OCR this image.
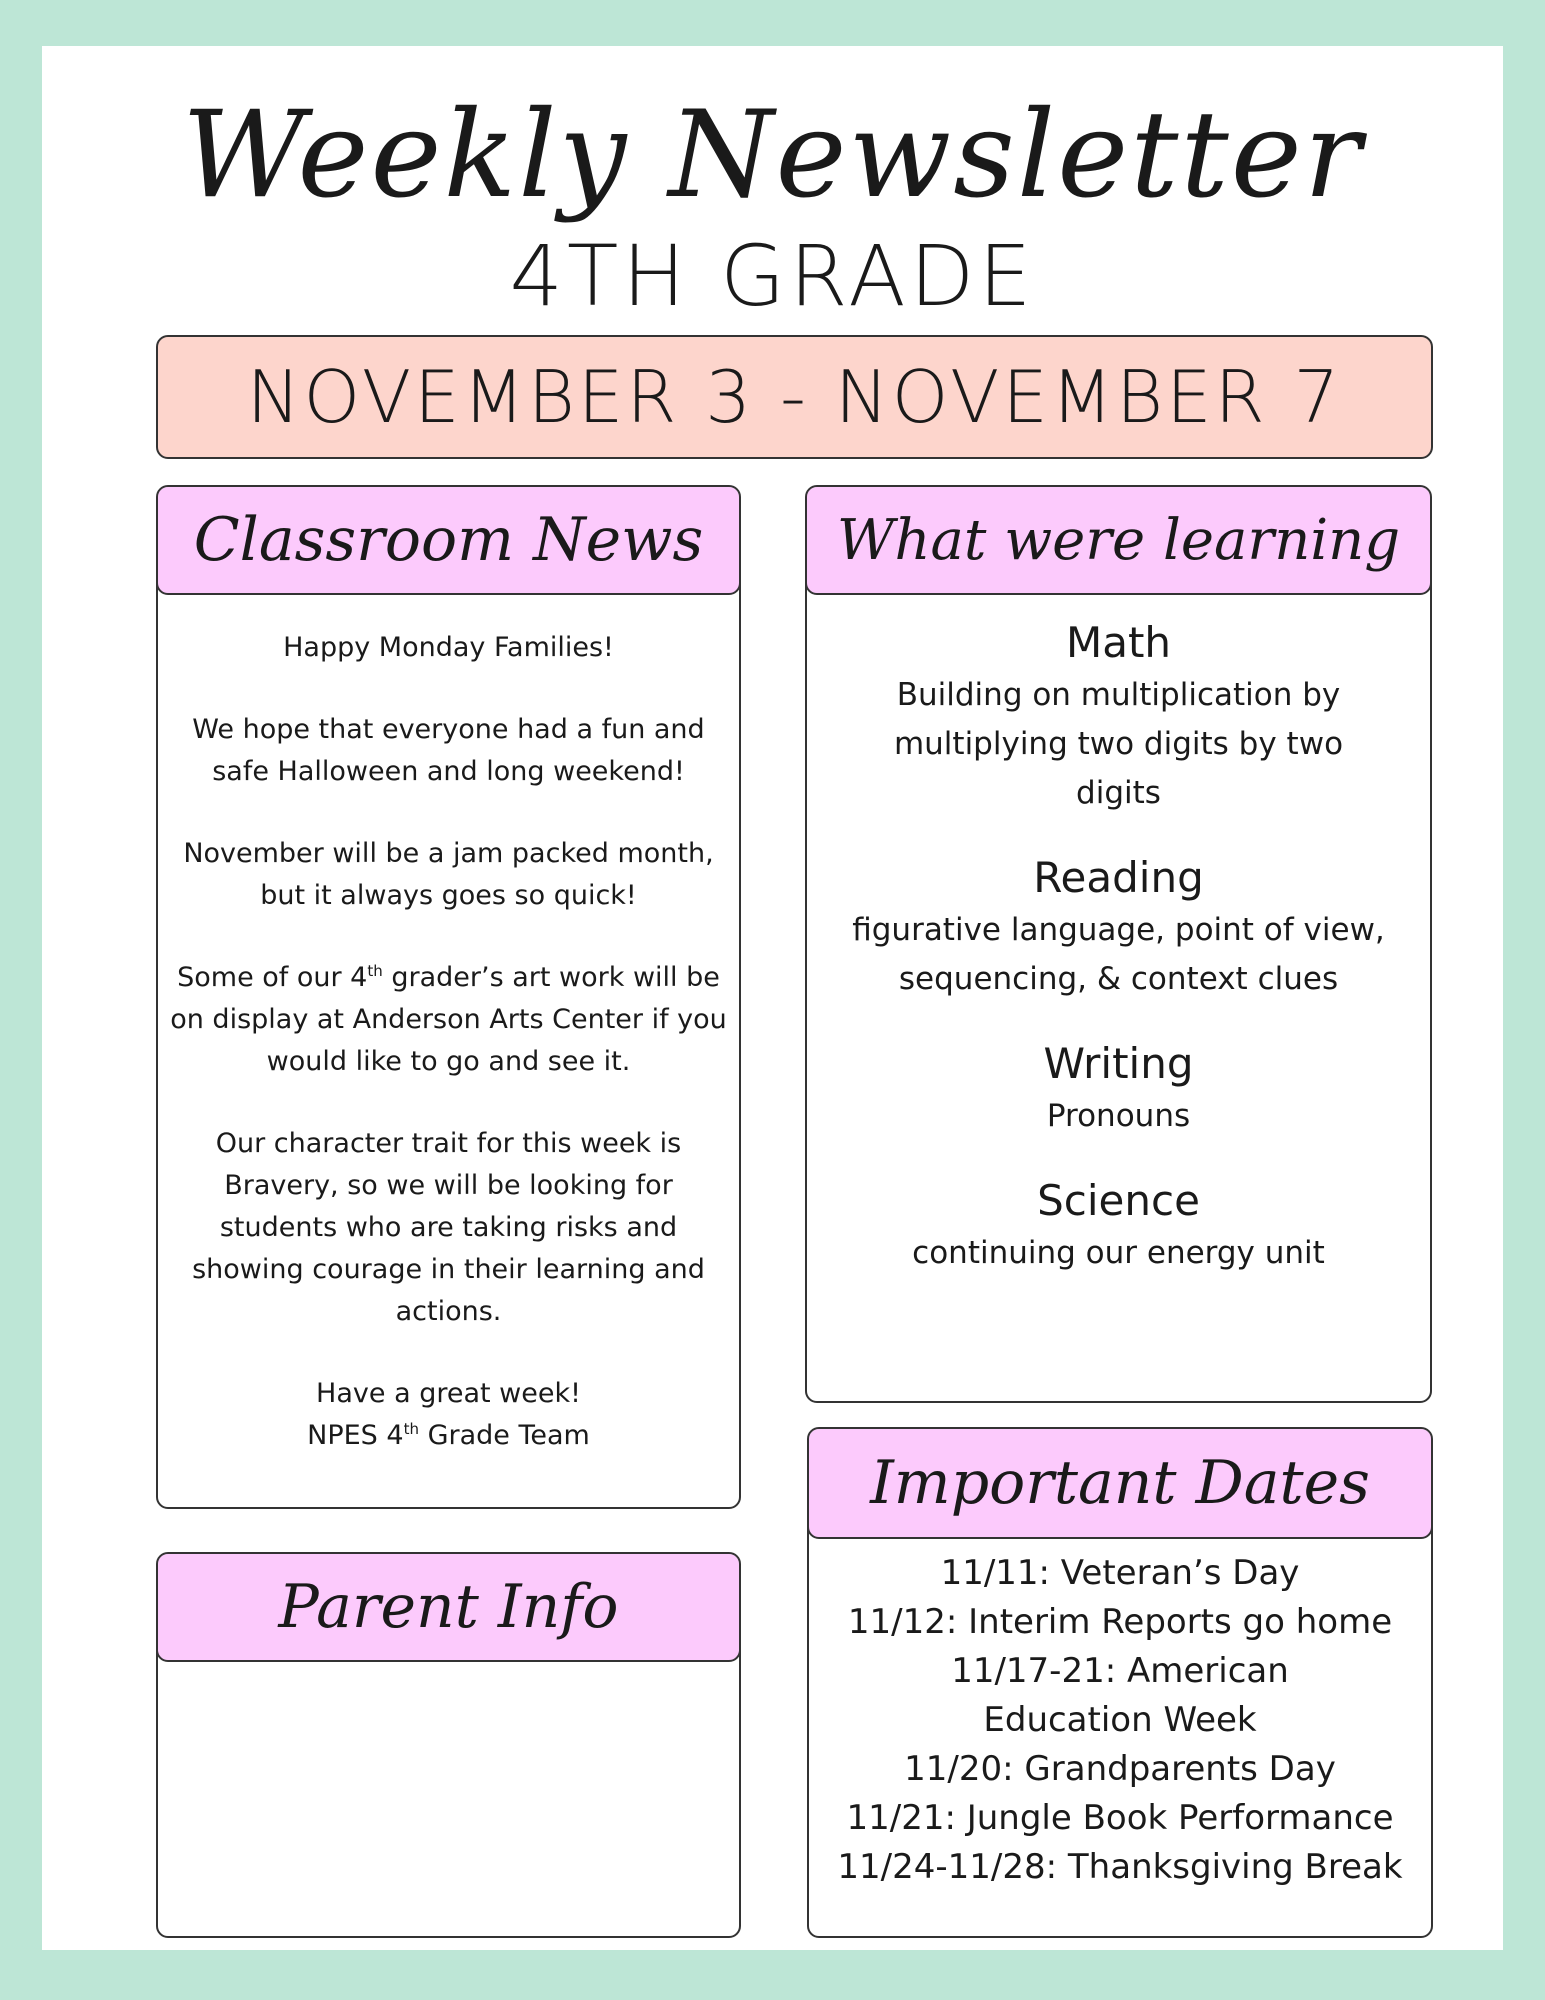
Weekly Newsletter
4TH GRADE
NOVEMBER 3 - NOVEMBER 7
Classroom News

Happy Monday Families!

We hope that everyone had a fun and safe Halloween and long weekend!

November will be a jam packed month, but it always goes so quick!

Some of our 4th grader’s art work will be on display at Anderson Arts Center if you would like to go and see it.

Our character trait for this week is Bravery, so we will be looking for students who are taking risks and showing courage in their learning and actions.

Have a great week!

NPES 4th Grade Team

What were learning
Math
Building on multiplication by multiplying two digits by two digits
Reading
figurative language, point of view, sequencing, & context clues
Writing
Pronouns
Science
continuing our energy unit
Parent Info
Important Dates
11/11: Veteran’s Day
11/12: Interim Reports go home
11/17-21: American Education Week
11/20: Grandparents Day
11/21: Jungle Book Performance
11/24-11/28: Thanksgiving Break
